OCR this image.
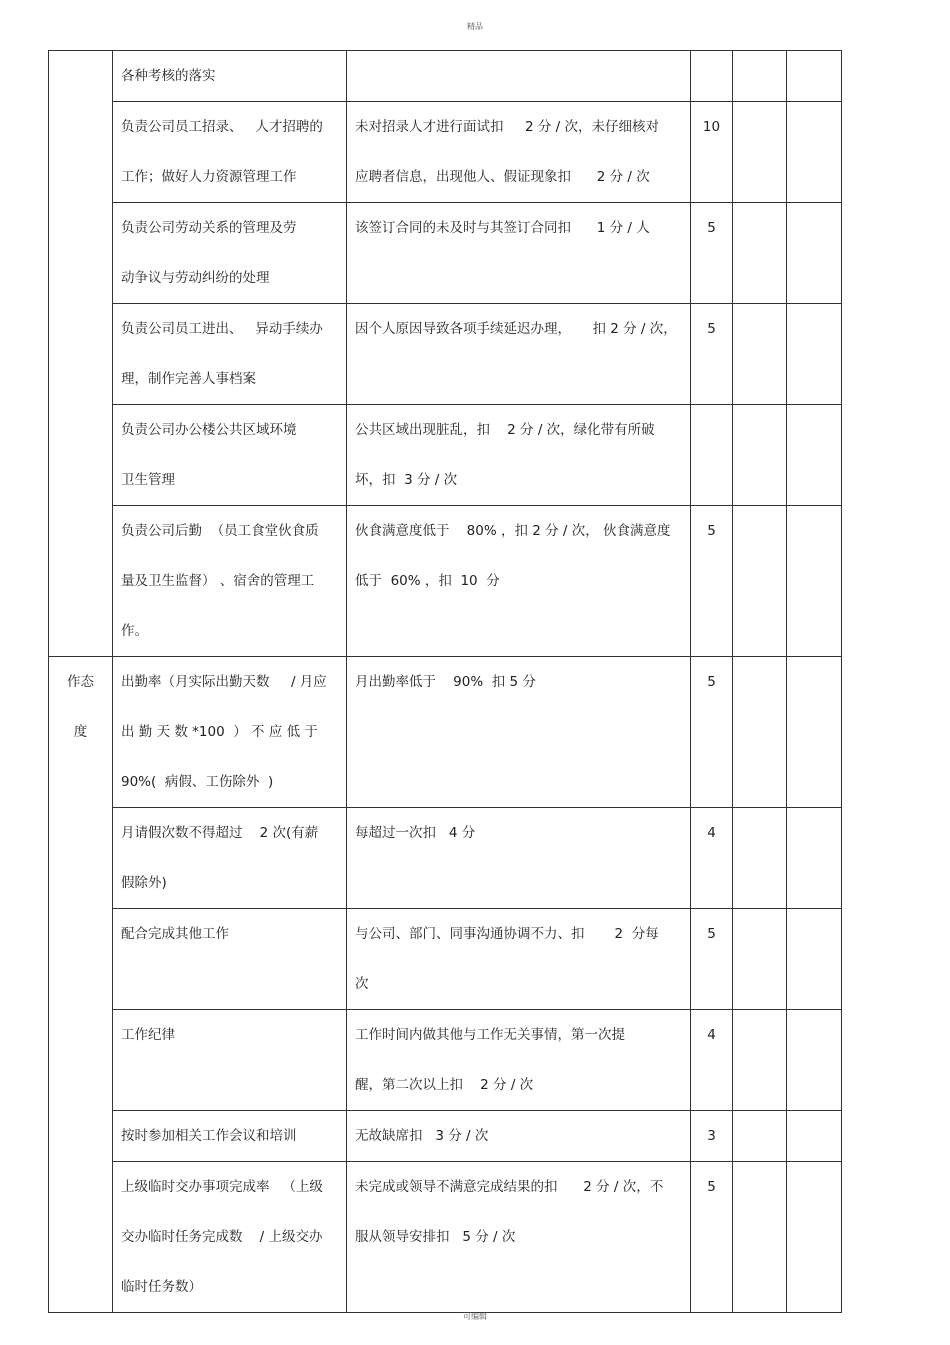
精品

	各种考核的落实				

	负责公司员工招录、   人才招聘的
工作；做好人力资源管理工作	未对招录人才进行面试扣     2 分 / 次，未仔细核对
应聘者信息，出现他人、假证现象扣      2 分 / 次	10		

	负责公司劳动关系的管理及劳
动争议与劳动纠纷的处理	该签订合同的未及时与其签订合同扣      1 分 / 人	5		

	负责公司员工进出、   异动手续办
理，制作完善人事档案	因个人原因导致各项手续延迟办理，     扣 2 分 / 次，	5		

	负责公司办公楼公共区域环境
卫生管理	公共区域出现脏乱，扣    2 分 / 次，绿化带有所破
坏，扣  3 分 / 次			

	负责公司后勤  （员工食堂伙食质
量及卫生监督） 、宿舍的管理工
作。	伙食满意度低于    80% ，扣 2 分 / 次， 伙食满意度
低于  60% ，扣  10  分	5		

作态
度	出勤率（月实际出勤天数     / 月应
出 勤 天 数 *100  ） 不 应 低 于
90%(  病假、工伤除外  )	月出勤率低于    90%  扣 5 分	5		

	月请假次数不得超过    2 次(有薪
假除外)	每超过一次扣   4 分	4		

	配合完成其他工作	与公司、部门、同事沟通协调不力、扣       2  分每
次	5		

	工作纪律	工作时间内做其他与工作无关事情，第一次提
醒，第二次以上扣    2 分 / 次	4		

	按时参加相关工作会议和培训	无故缺席扣   3 分 / 次	3		

	上级临时交办事项完成率   （上级
交办临时任务完成数    / 上级交办
临时任务数）	未完成或领导不满意完成结果的扣      2 分 / 次，不
服从领导安排扣   5 分 / 次	5		

可编辑
